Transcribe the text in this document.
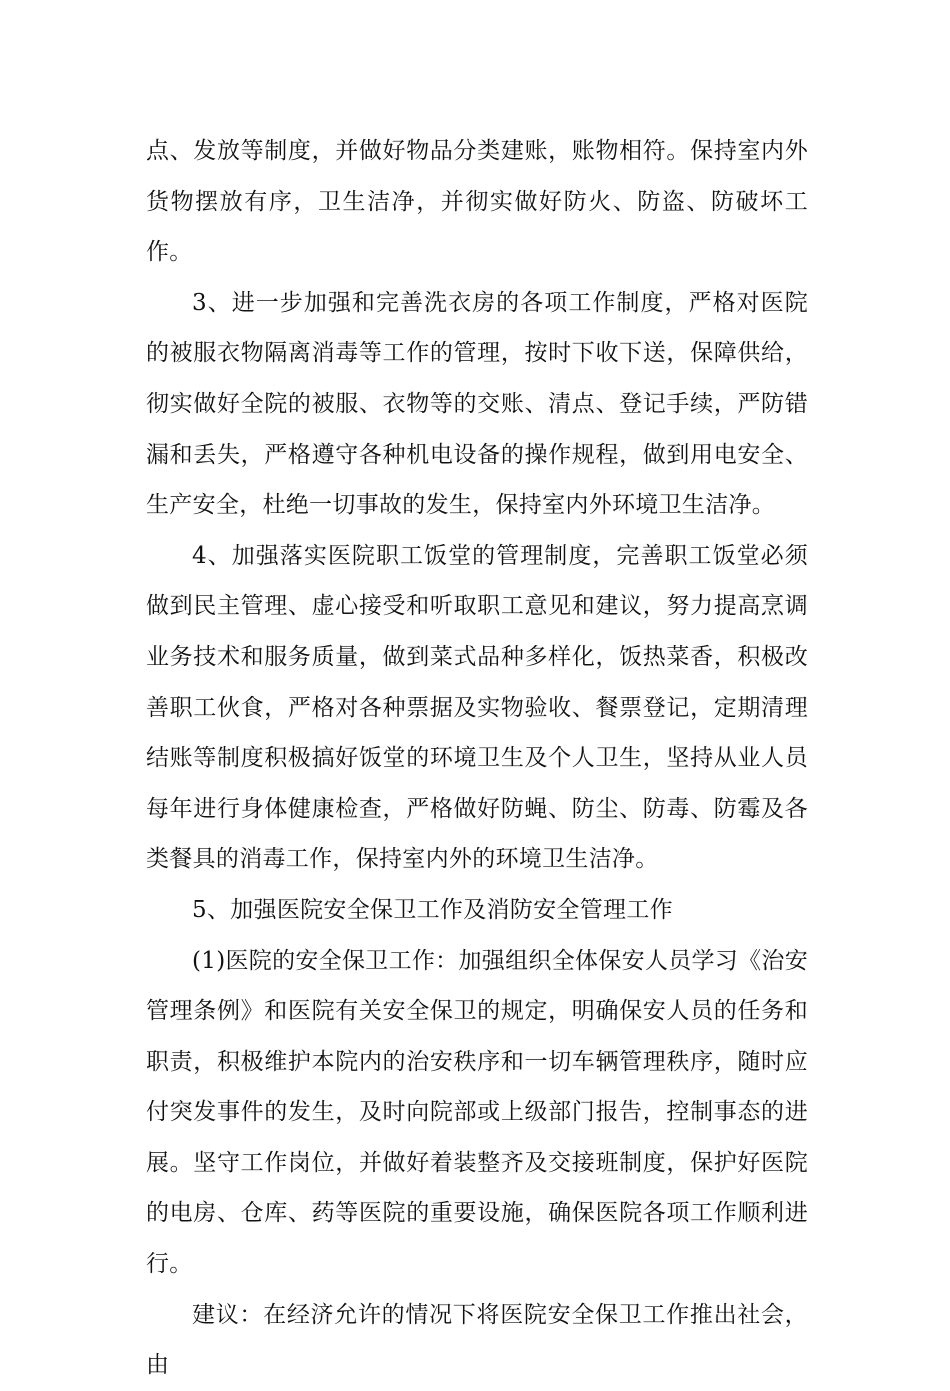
点、发放等制度，并做好物品分类建账，账物相符。保持室内外货物摆放有序，卫生洁净，并彻实做好防火、防盗、防破坏工作。

3、进一步加强和完善洗衣房的各项工作制度，严格对医院的被服衣物隔离消毒等工作的管理，按时下收下送，保障供给，彻实做好全院的被服、衣物等的交账、清点、登记手续，严防错漏和丢失，严格遵守各种机电设备的操作规程，做到用电安全、生产安全，杜绝一切事故的发生，保持室内外环境卫生洁净。

4、加强落实医院职工饭堂的管理制度，完善职工饭堂必须做到民主管理、虚心接受和听取职工意见和建议，努力提高烹调业务技术和服务质量，做到菜式品种多样化，饭热菜香，积极改善职工伙食，严格对各种票据及实物验收、餐票登记，定期清理结账等制度积极搞好饭堂的环境卫生及个人卫生，坚持从业人员每年进行身体健康检查，严格做好防蝇、防尘、防毒、防霉及各类餐具的消毒工作，保持室内外的环境卫生洁净。

5、加强医院安全保卫工作及消防安全管理工作

(1)医院的安全保卫工作：加强组织全体保安人员学习《治安管理条例》和医院有关安全保卫的规定，明确保安人员的任务和职责，积极维护本院内的治安秩序和一切车辆管理秩序，随时应付突发事件的发生，及时向院部或上级部门报告，控制事态的进展。坚守工作岗位，并做好着装整齐及交接班制度，保护好医院的电房、仓库、药等医院的重要设施，确保医院各项工作顺利进行。

建议：在经济允许的情况下将医院安全保卫工作推出社会，由
